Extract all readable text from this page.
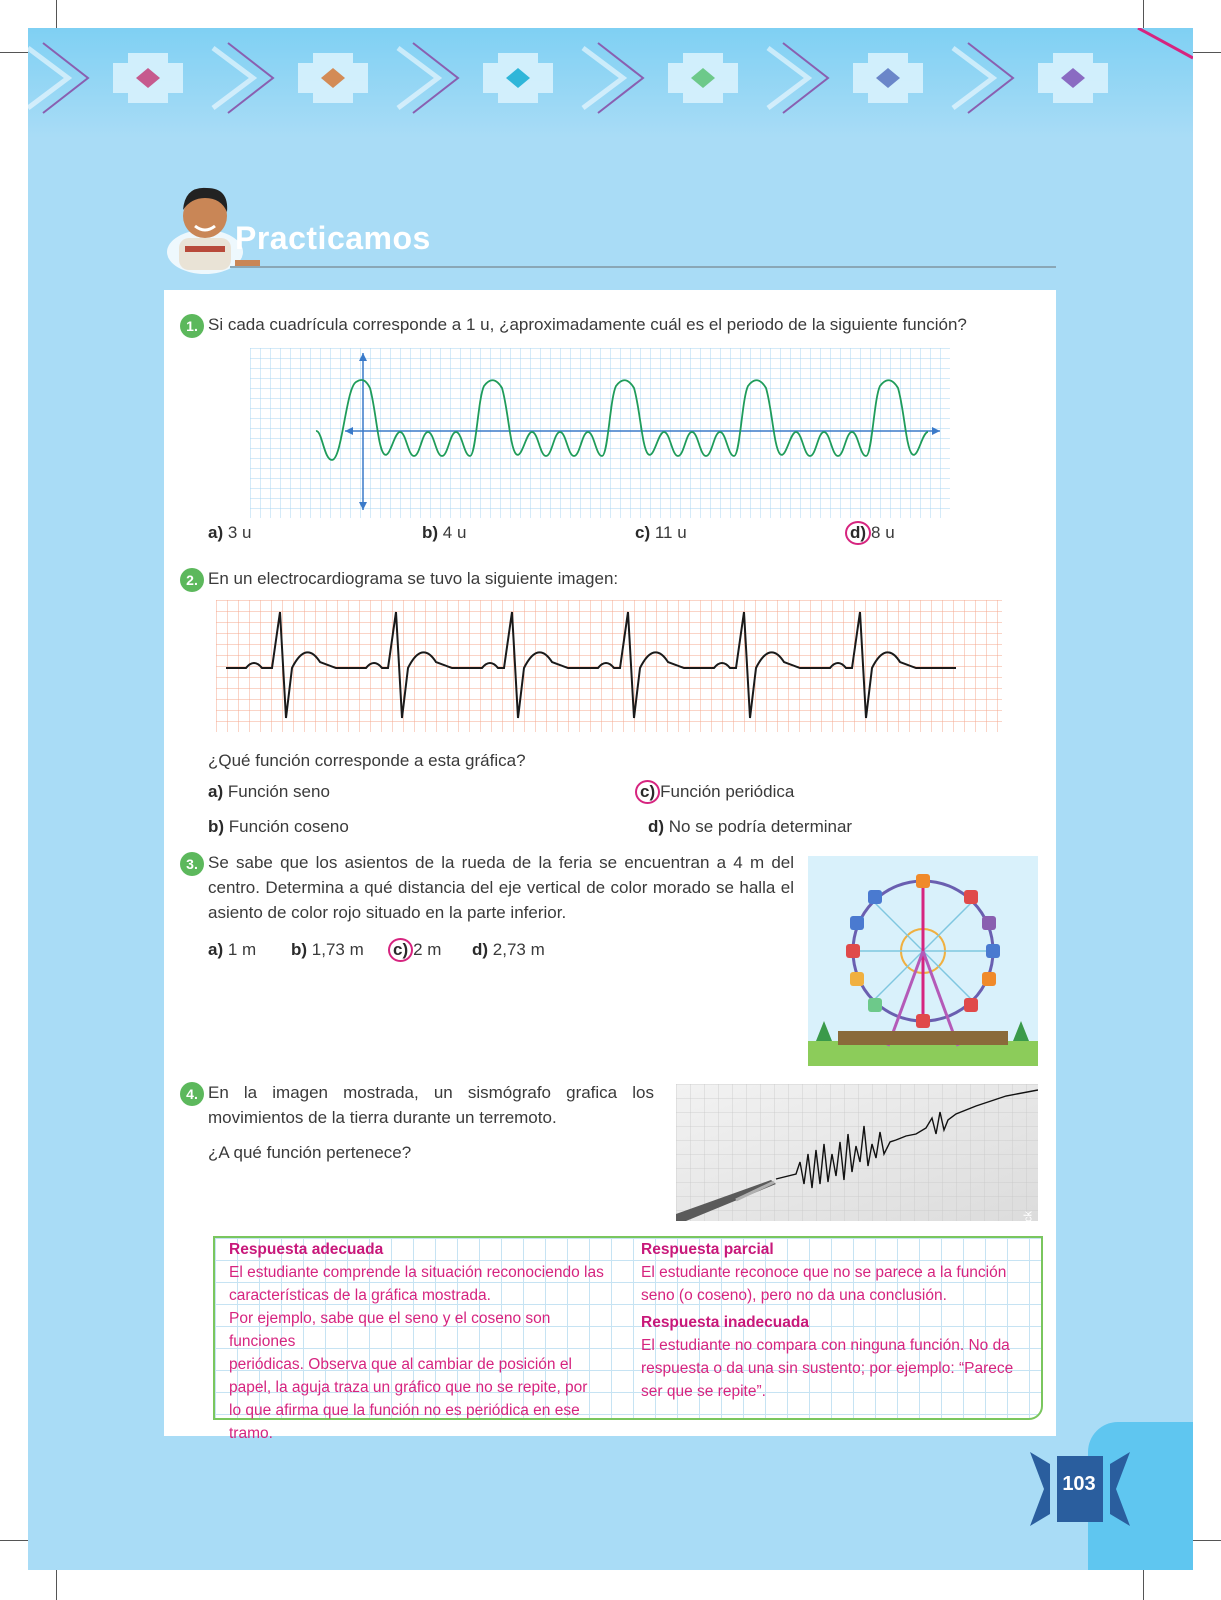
Practicamos
1. Si cada cuadrícula corresponde a 1 u, ¿aproximadamente cuál es el periodo de la siguiente función?
a) 3 u	b) 4 u	c) 11 u	d) 8 u
2. En un electrocardiograma se tuvo la siguiente imagen:
¿Qué función corresponde a esta gráfica?
a) Función seno
b) Función coseno
c) Función periódica
d) No se podría determinar
3. Se sabe que los asientos de la rueda de la feria se encuentran a 4 m del centro. Determina a qué distancia del eje vertical de color morado se halla el asiento de color rojo situado en la parte inferior.
a) 1 m b) 1,73 m c) 2 m d) 2,73 m
4. En la imagen mostrada, un sismógrafo grafica los movimientos de la tierra durante un terremoto.
¿A qué función pertenece?
Respuesta adecuada
El estudiante comprende la situación reconociendo las
características de la gráfica mostrada.
Por ejemplo, sabe que el seno y el coseno son funciones
periódicas. Observa que al cambiar de posición el
papel, la aguja traza un gráfico que no se repite, por
lo que afirma que la función no es periódica en ese
tramo.
Respuesta parcial
El estudiante reconoce que no se parece a la función
seno (o coseno), pero no da una conclusión.
Respuesta inadecuada
El estudiante no compara con ninguna función. No da
respuesta o da una sin sustento; por ejemplo: “Parece
ser que se repite”.
103
